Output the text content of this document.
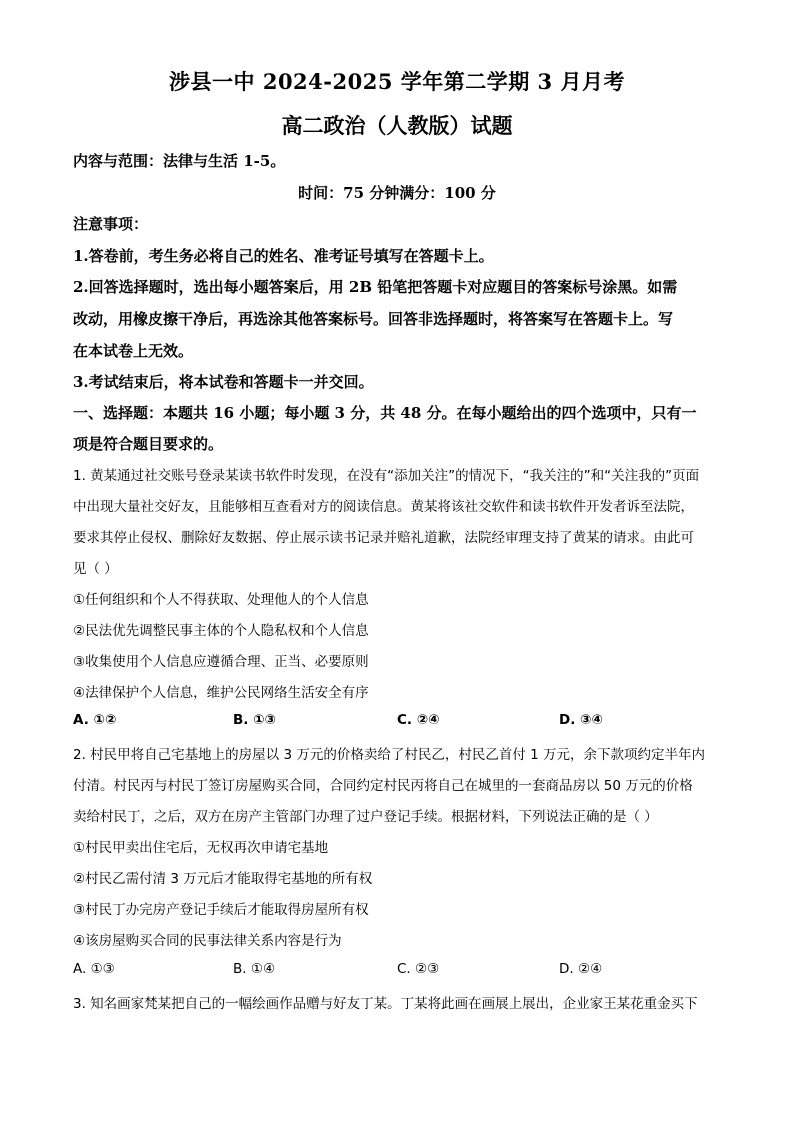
涉县一中 2024-2025 学年第二学期 3 月月考
高二政治（人教版）试题
内容与范围：法律与生活 1-5。
时间：75 分钟满分：100 分
注意事项：
1.答卷前，考生务必将自己的姓名、准考证号填写在答题卡上。
2.回答选择题时，选出每小题答案后，用 2B 铅笔把答题卡对应题目的答案标号涂黑。如需
改动，用橡皮擦干净后，再选涂其他答案标号。回答非选择题时，将答案写在答题卡上。写
在本试卷上无效。
3.考试结束后，将本试卷和答题卡一并交回。
一、选择题：本题共 16 小题；每小题 3 分，共 48 分。在每小题给出的四个选项中，只有一
项是符合题目要求的。
1. 黄某通过社交账号登录某读书软件时发现，在没有“添加关注”的情况下，“我关注的”和“关注我的”页面
中出现大量社交好友，且能够相互查看对方的阅读信息。黄某将该社交软件和读书软件开发者诉至法院，
要求其停止侵权、删除好友数据、停止展示读书记录并赔礼道歉，法院经审理支持了黄某的请求。由此可
见（ ）
①任何组织和个人不得获取、处理他人的个人信息
②民法优先调整民事主体的个人隐私权和个人信息
③收集使用个人信息应遵循合理、正当、必要原则
④法律保护个人信息，维护公民网络生活安全有序
A. ①②	B. ①③	C. ②④	D. ③④
2. 村民甲将自己宅基地上的房屋以 3 万元的价格卖给了村民乙，村民乙首付 1 万元，余下款项约定半年内
付清。村民丙与村民丁签订房屋购买合同，合同约定村民丙将自己在城里的一套商品房以 50 万元的价格
卖给村民丁，之后，双方在房产主管部门办理了过户登记手续。根据材料，下列说法正确的是（ ）
①村民甲卖出住宅后，无权再次申请宅基地
②村民乙需付清 3 万元后才能取得宅基地的所有权
③村民丁办完房产登记手续后才能取得房屋所有权
④该房屋购买合同的民事法律关系内容是行为
A. ①③	B. ①④	C. ②③	D. ②④
3. 知名画家梵某把自己的一幅绘画作品赠与好友丁某。丁某将此画在画展上展出，企业家王某花重金买下
